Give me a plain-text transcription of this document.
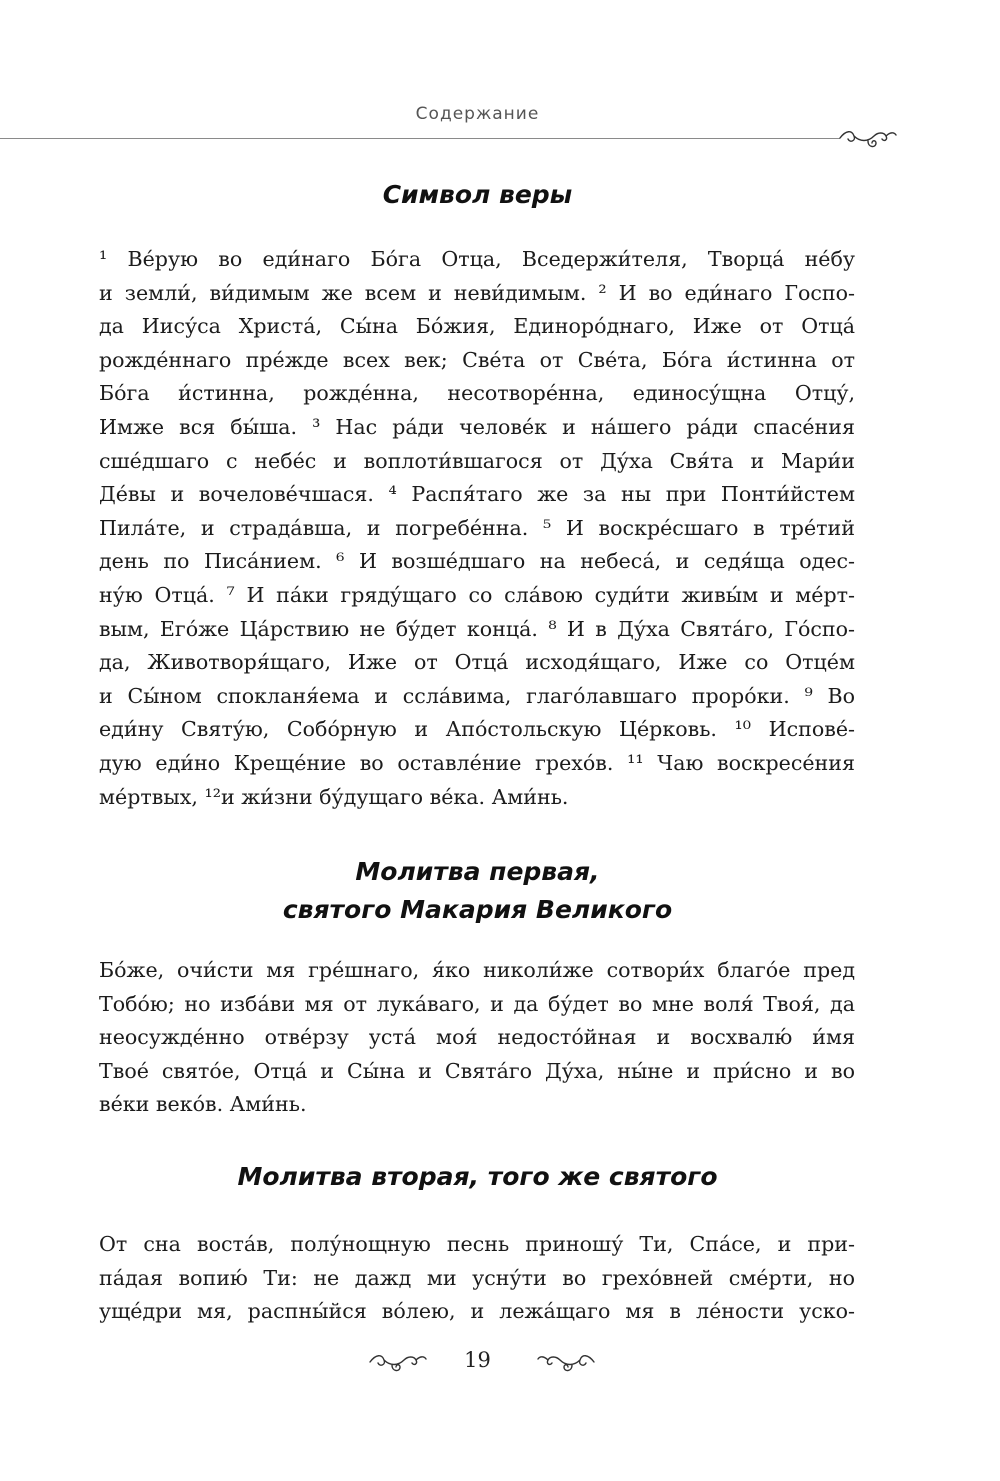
Содержание
Символ веры

¹ Ве́рую во еди́наго Бо́га Отца, Вседержи́теля, Творца́ не́бу
и земли́, ви́димым же всем и неви́димым. ² И во еди́наго Госпо-
да Иису́са Христа́, Сы́на Бо́жия, Единоро́днаго, Иже от Отца́
рожде́ннаго пре́жде всех век; Све́та от Све́та, Бо́га и́стинна от
Бо́га и́стинна, рожде́нна, несотворе́нна, единосу́щна Отцу́,
Имже вся бы́ша. ³ Нас ра́ди челове́к и на́шего ра́ди спасе́ния
сше́дшаго с небе́с и воплоти́вшагося от Ду́ха Свя́та и Мари́и
Де́вы и вочелове́чшася. ⁴ Распя́таго же за ны при Понти́йстем
Пила́те, и страда́вша, и погребе́нна. ⁵ И воскре́сшаго в тре́тий
день по Писа́нием. ⁶ И возше́дшаго на небеса́, и седя́ща одес-
ну́ю Отца́. ⁷ И па́ки гряду́щаго со сла́вою суди́ти живы́м и ме́рт-
вым, Его́же Ца́рствию не бу́дет конца́. ⁸ И в Ду́ха Свята́го, Го́спо-
да, Животворя́щаго, Иже от Отца́ исходя́щаго, Иже со Отце́м
и Сы́ном спокланя́ема и ссла́вима, глаго́лавшаго проро́ки. ⁹ Во
еди́ну Святу́ю, Собо́рную и Апо́стольскую Це́рковь. ¹⁰ Испове́-
дую еди́но Креще́ние во оставле́ние грехо́в. ¹¹ Чаю воскресе́ния
ме́ртвых, ¹²и жи́зни бу́дущаго ве́ка. Ами́нь.

Молитва первая,
святого Макария Великого

Бо́же, очи́сти мя гре́шнаго, я́ко николи́же сотвори́х благо́е пред
Тобо́ю; но изба́ви мя от лука́ваго, и да бу́дет во мне воля́ Твоя́, да
неосужде́нно отве́рзу уста́ моя́ недосто́йная и восхвалю́ и́мя
Твое́ свято́е, Отца́ и Сы́на и Свята́го Ду́ха, ны́не и при́сно и во
ве́ки веко́в. Ами́нь.

Молитва вторая, того же святого

От сна воста́в, полу́нощную песнь приношу́ Ти, Спа́се, и при-
па́дая вопию́ Ти: не дажд ми усну́ти во грехо́вней сме́рти, но
уще́дри мя, распны́йся во́лею, и лежа́щаго мя в ле́ности уско-

19
